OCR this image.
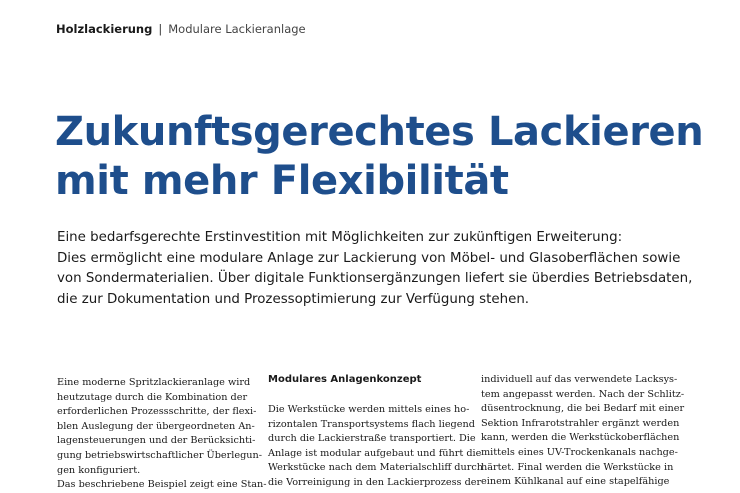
Holzlackierung | Modulare Lackieranlage
Zukunftsgerechtes Lackieren
mit mehr Flexibilität

Eine bedarfsgerechte Erstinvestition mit Möglichkeiten zur zukünftigen Erweiterung:
Dies ermöglicht eine modulare Anlage zur Lackierung von Möbel- und Glasoberflächen sowie
von Sondermaterialien. Über digitale Funktionsergänzungen liefert sie überdies Betriebsdaten,
die zur Dokumentation und Prozessoptimierung zur Verfügung stehen.

Eine moderne Spritzlackieranlage wird
heutzutage durch die Kombination der
erforderlichen Prozessschritte, der flexi-
blen Auslegung der übergeordneten An-
lagensteuerungen und der Berücksichti-
gung betriebswirtschaftlicher Überlegun-
gen konfiguriert.
Das beschriebene Beispiel zeigt eine Stan-
Modulares Anlagenkonzept
Die Werkstücke werden mittels eines ho-
rizontalen Transportsystems flach liegend
durch die Lackierstraße transportiert. Die
Anlage ist modular aufgebaut und führt die
Werkstücke nach dem Materialschliff durch
die Vorreinigung in den Lackierprozess der
individuell auf das verwendete Lacksys-
tem angepasst werden. Nach der Schlitz-
düsentrocknung, die bei Bedarf mit einer
Sektion Infrarotstrahler ergänzt werden
kann, werden die Werkstückoberflächen
mittels eines UV-Trockenkanals nachge-
härtet. Final werden die Werkstücke in
einem Kühlkanal auf eine stapelfähige
